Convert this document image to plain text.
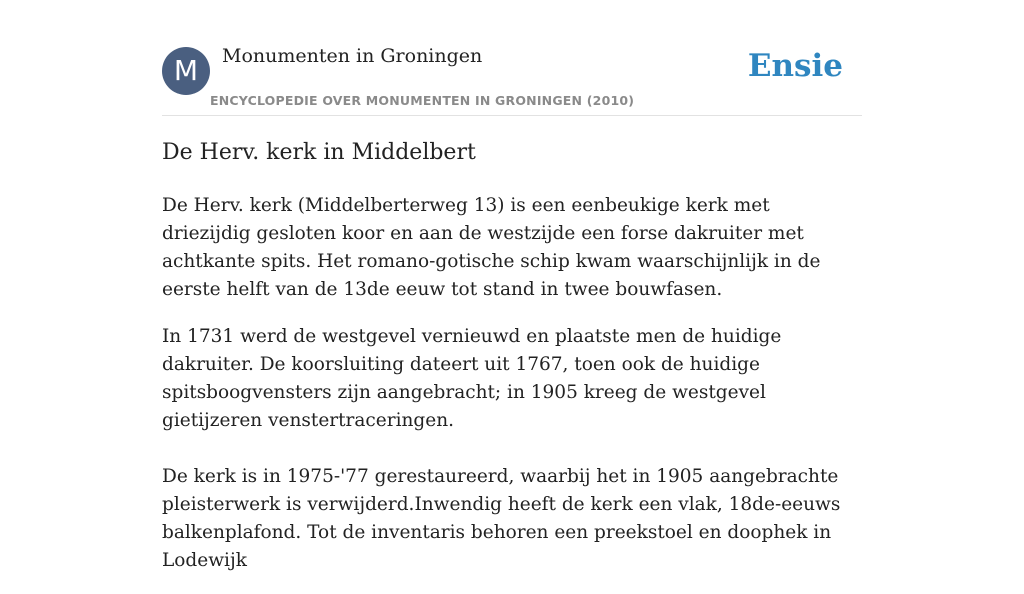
M	Monumenten in Groningen
ENCYCLOPEDIE OVER MONUMENTEN IN GRONINGEN (2010)
Ensie
De Herv. kerk in Middelbert

De Herv. kerk (Middelberterweg 13) is een eenbeukige kerk met driezijdig gesloten koor en aan de westzijde een forse dakruiter met achtkante spits. Het romano-gotische schip kwam waarschijnlijk in de eerste helft van de 13de eeuw tot stand in twee bouwfasen.

In 1731 werd de westgevel vernieuwd en plaatste men de huidige dakruiter. De koorsluiting dateert uit 1767, toen ook de huidige spitsboogvensters zijn aangebracht; in 1905 kreeg de westgevel gietijzeren venstertraceringen.

De kerk is in 1975-'77 gerestaureerd, waarbij het in 1905 aangebrachte pleisterwerk is verwijderd.Inwendig heeft de kerk een vlak, 18de-eeuws balkenplafond. Tot de inventaris behoren een preekstoel en doophek in Lodewijk
